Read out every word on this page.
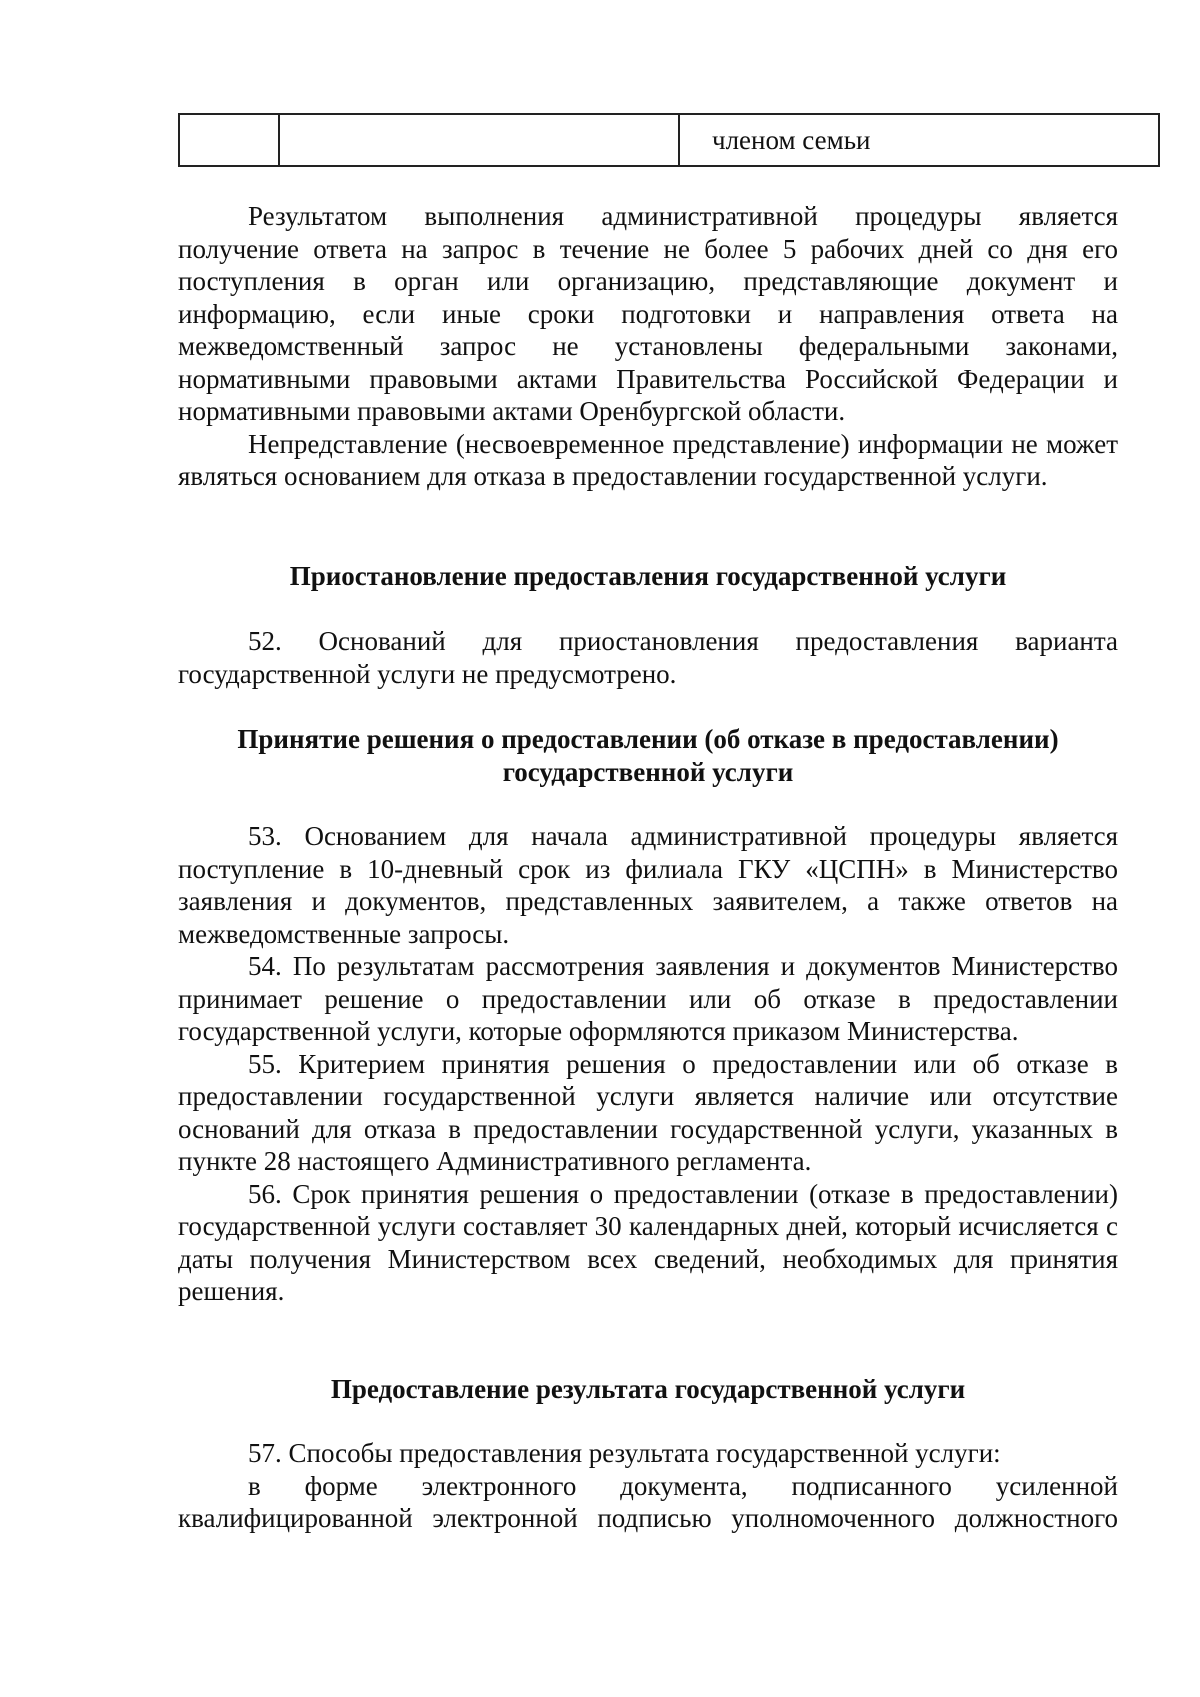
		членом семьи

Результатом выполнения административной процедуры является получение ответа на запрос в течение не более 5 рабочих дней со дня его поступления в орган или организацию, представляющие документ и информацию, если иные сроки подготовки и направления ответа на межведомственный запрос не установлены федеральными законами, нормативными правовыми актами Правительства Российской Федерации и нормативными правовыми актами Оренбургской области.

Непредставление (несвоевременное представление) информации не может являться основанием для отказа в предоставлении государственной услуги.

Приостановление предоставления государственной услуги

52. Оснований для приостановления предоставления варианта государственной услуги не предусмотрено.

Принятие решения о предоставлении (об отказе в предоставлении)
государственной услуги

53. Основанием для начала административной процедуры является поступление в 10-дневный срок из филиала ГКУ «ЦСПН» в Министерство заявления и документов, представленных заявителем, а также ответов на межведомственные запросы.

54. По результатам рассмотрения заявления и документов Министерство принимает решение о предоставлении или об отказе в предоставлении государственной услуги, которые оформляются приказом Министерства.

55. Критерием принятия решения о предоставлении или об отказе в предоставлении государственной услуги является наличие или отсутствие оснований для отказа в предоставлении государственной услуги, указанных в пункте 28 настоящего Административного регламента.

56. Срок принятия решения о предоставлении (отказе в предоставлении) государственной услуги составляет 30 календарных дней, который исчисляется с даты получения Министерством всех сведений, необходимых для принятия решения.

Предоставление результата государственной услуги

57. Способы предоставления результата государственной услуги:

в форме электронного документа, подписанного усиленной квалифицированной электронной подписью уполномоченного должностного
